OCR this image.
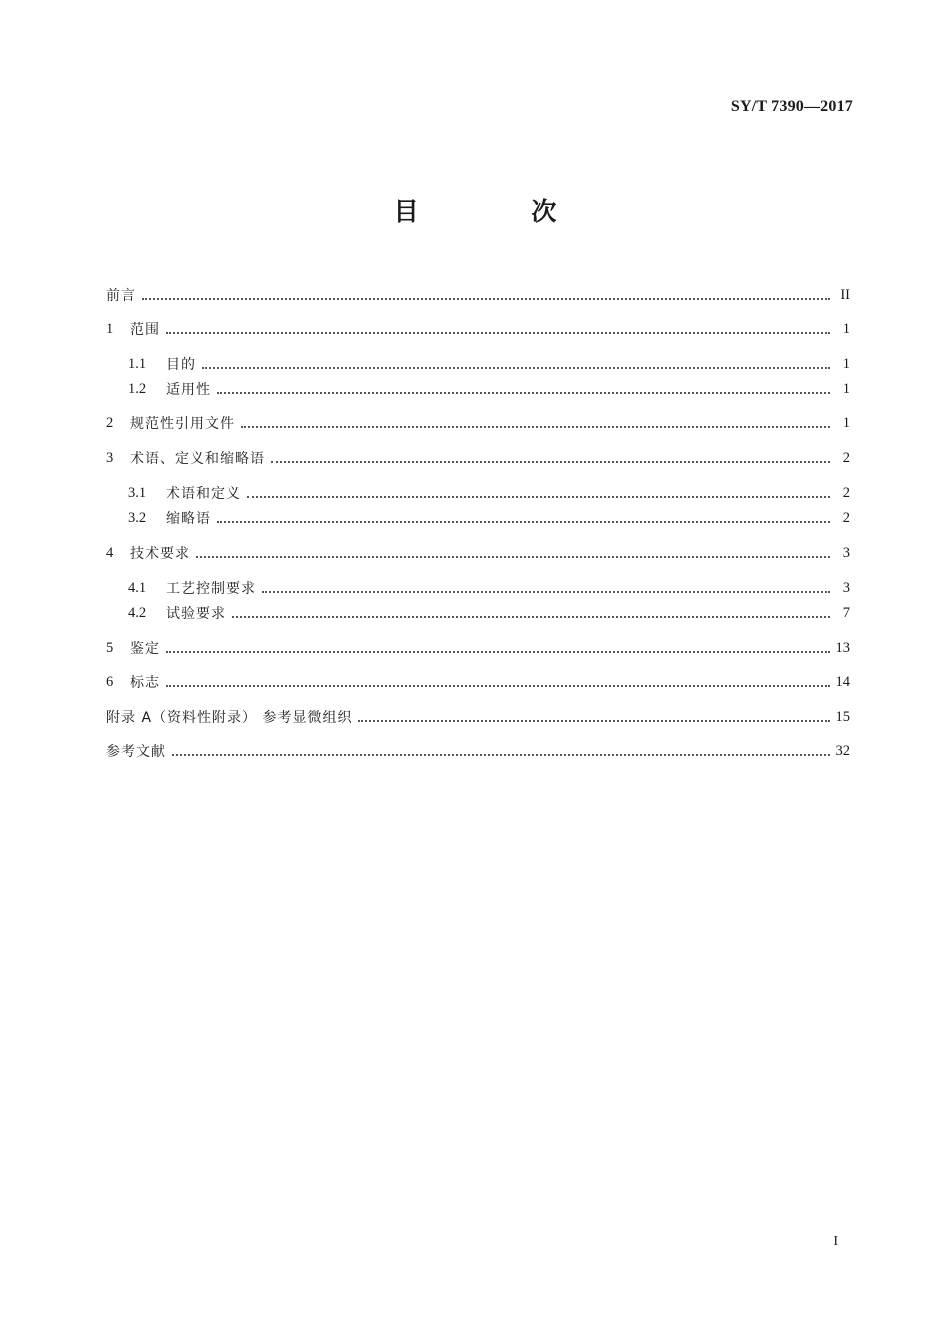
SY/T 7390—2017
目 次
前言	II
1	范围	1
1.1	目的	1
1.2	适用性	1
2	规范性引用文件	1
3	术语、定义和缩略语	2
3.1	术语和定义	2
3.2	缩略语	2
4	技术要求	3
4.1	工艺控制要求	3
4.2	试验要求	7
5	鉴定	13
6	标志	14
附录 A（资料性附录） 参考显微组织	15
参考文献	32
I
